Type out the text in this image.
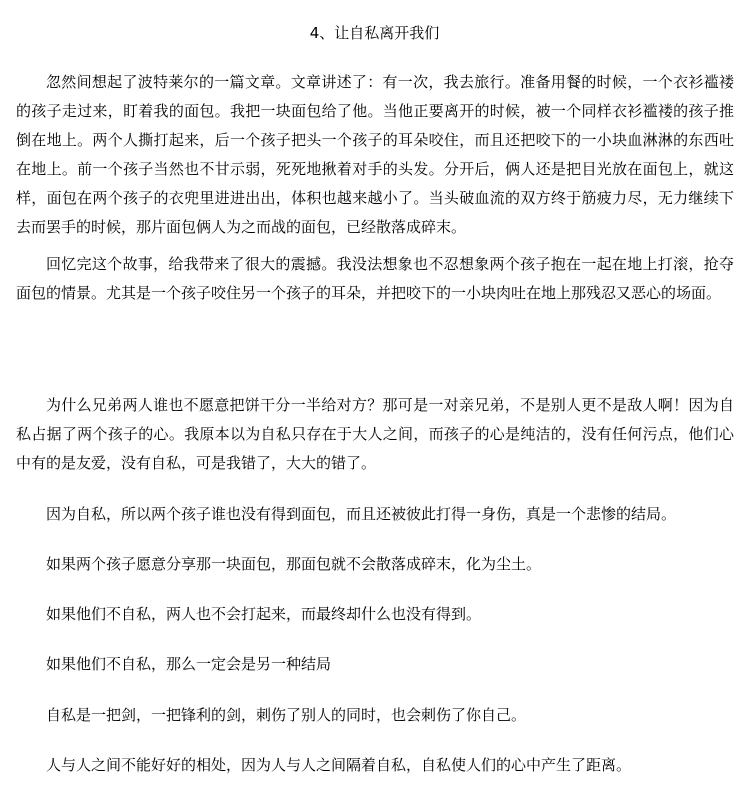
4、让自私离开我们

忽然间想起了波特莱尔的一篇文章。文章讲述了：有一次，我去旅行。准备用餐的时候，一个衣衫褴褛的孩子走过来，盯着我的面包。我把一块面包给了他。当他正要离开的时候，被一个同样衣衫褴褛的孩子推倒在地上。两个人撕打起来，后一个孩子把头一个孩子的耳朵咬住，而且还把咬下的一小块血淋淋的东西吐在地上。前一个孩子当然也不甘示弱，死死地揪着对手的头发。分开后，俩人还是把目光放在面包上，就这样，面包在两个孩子的衣兜里进进出出，体积也越来越小了。当头破血流的双方终于筋疲力尽，无力继续下去而罢手的时候，那片面包俩人为之而战的面包，已经散落成碎末。

回忆完这个故事，给我带来了很大的震撼。我没法想象也不忍想象两个孩子抱在一起在地上打滚，抢夺面包的情景。尤其是一个孩子咬住另一个孩子的耳朵，并把咬下的一小块肉吐在地上那残忍又恶心的场面。

为什么兄弟两人谁也不愿意把饼干分一半给对方？那可是一对亲兄弟，不是别人更不是敌人啊！因为自私占据了两个孩子的心。我原本以为自私只存在于大人之间，而孩子的心是纯洁的，没有任何污点，他们心中有的是友爱，没有自私，可是我错了，大大的错了。

因为自私，所以两个孩子谁也没有得到面包，而且还被彼此打得一身伤，真是一个悲惨的结局。

如果两个孩子愿意分享那一块面包，那面包就不会散落成碎末，化为尘土。

如果他们不自私，两人也不会打起来，而最终却什么也没有得到。

如果他们不自私，那么一定会是另一种结局

自私是一把剑，一把锋利的剑，刺伤了别人的同时，也会刺伤了你自己。

人与人之间不能好好的相处，因为人与人之间隔着自私，自私使人们的心中产生了距离。
